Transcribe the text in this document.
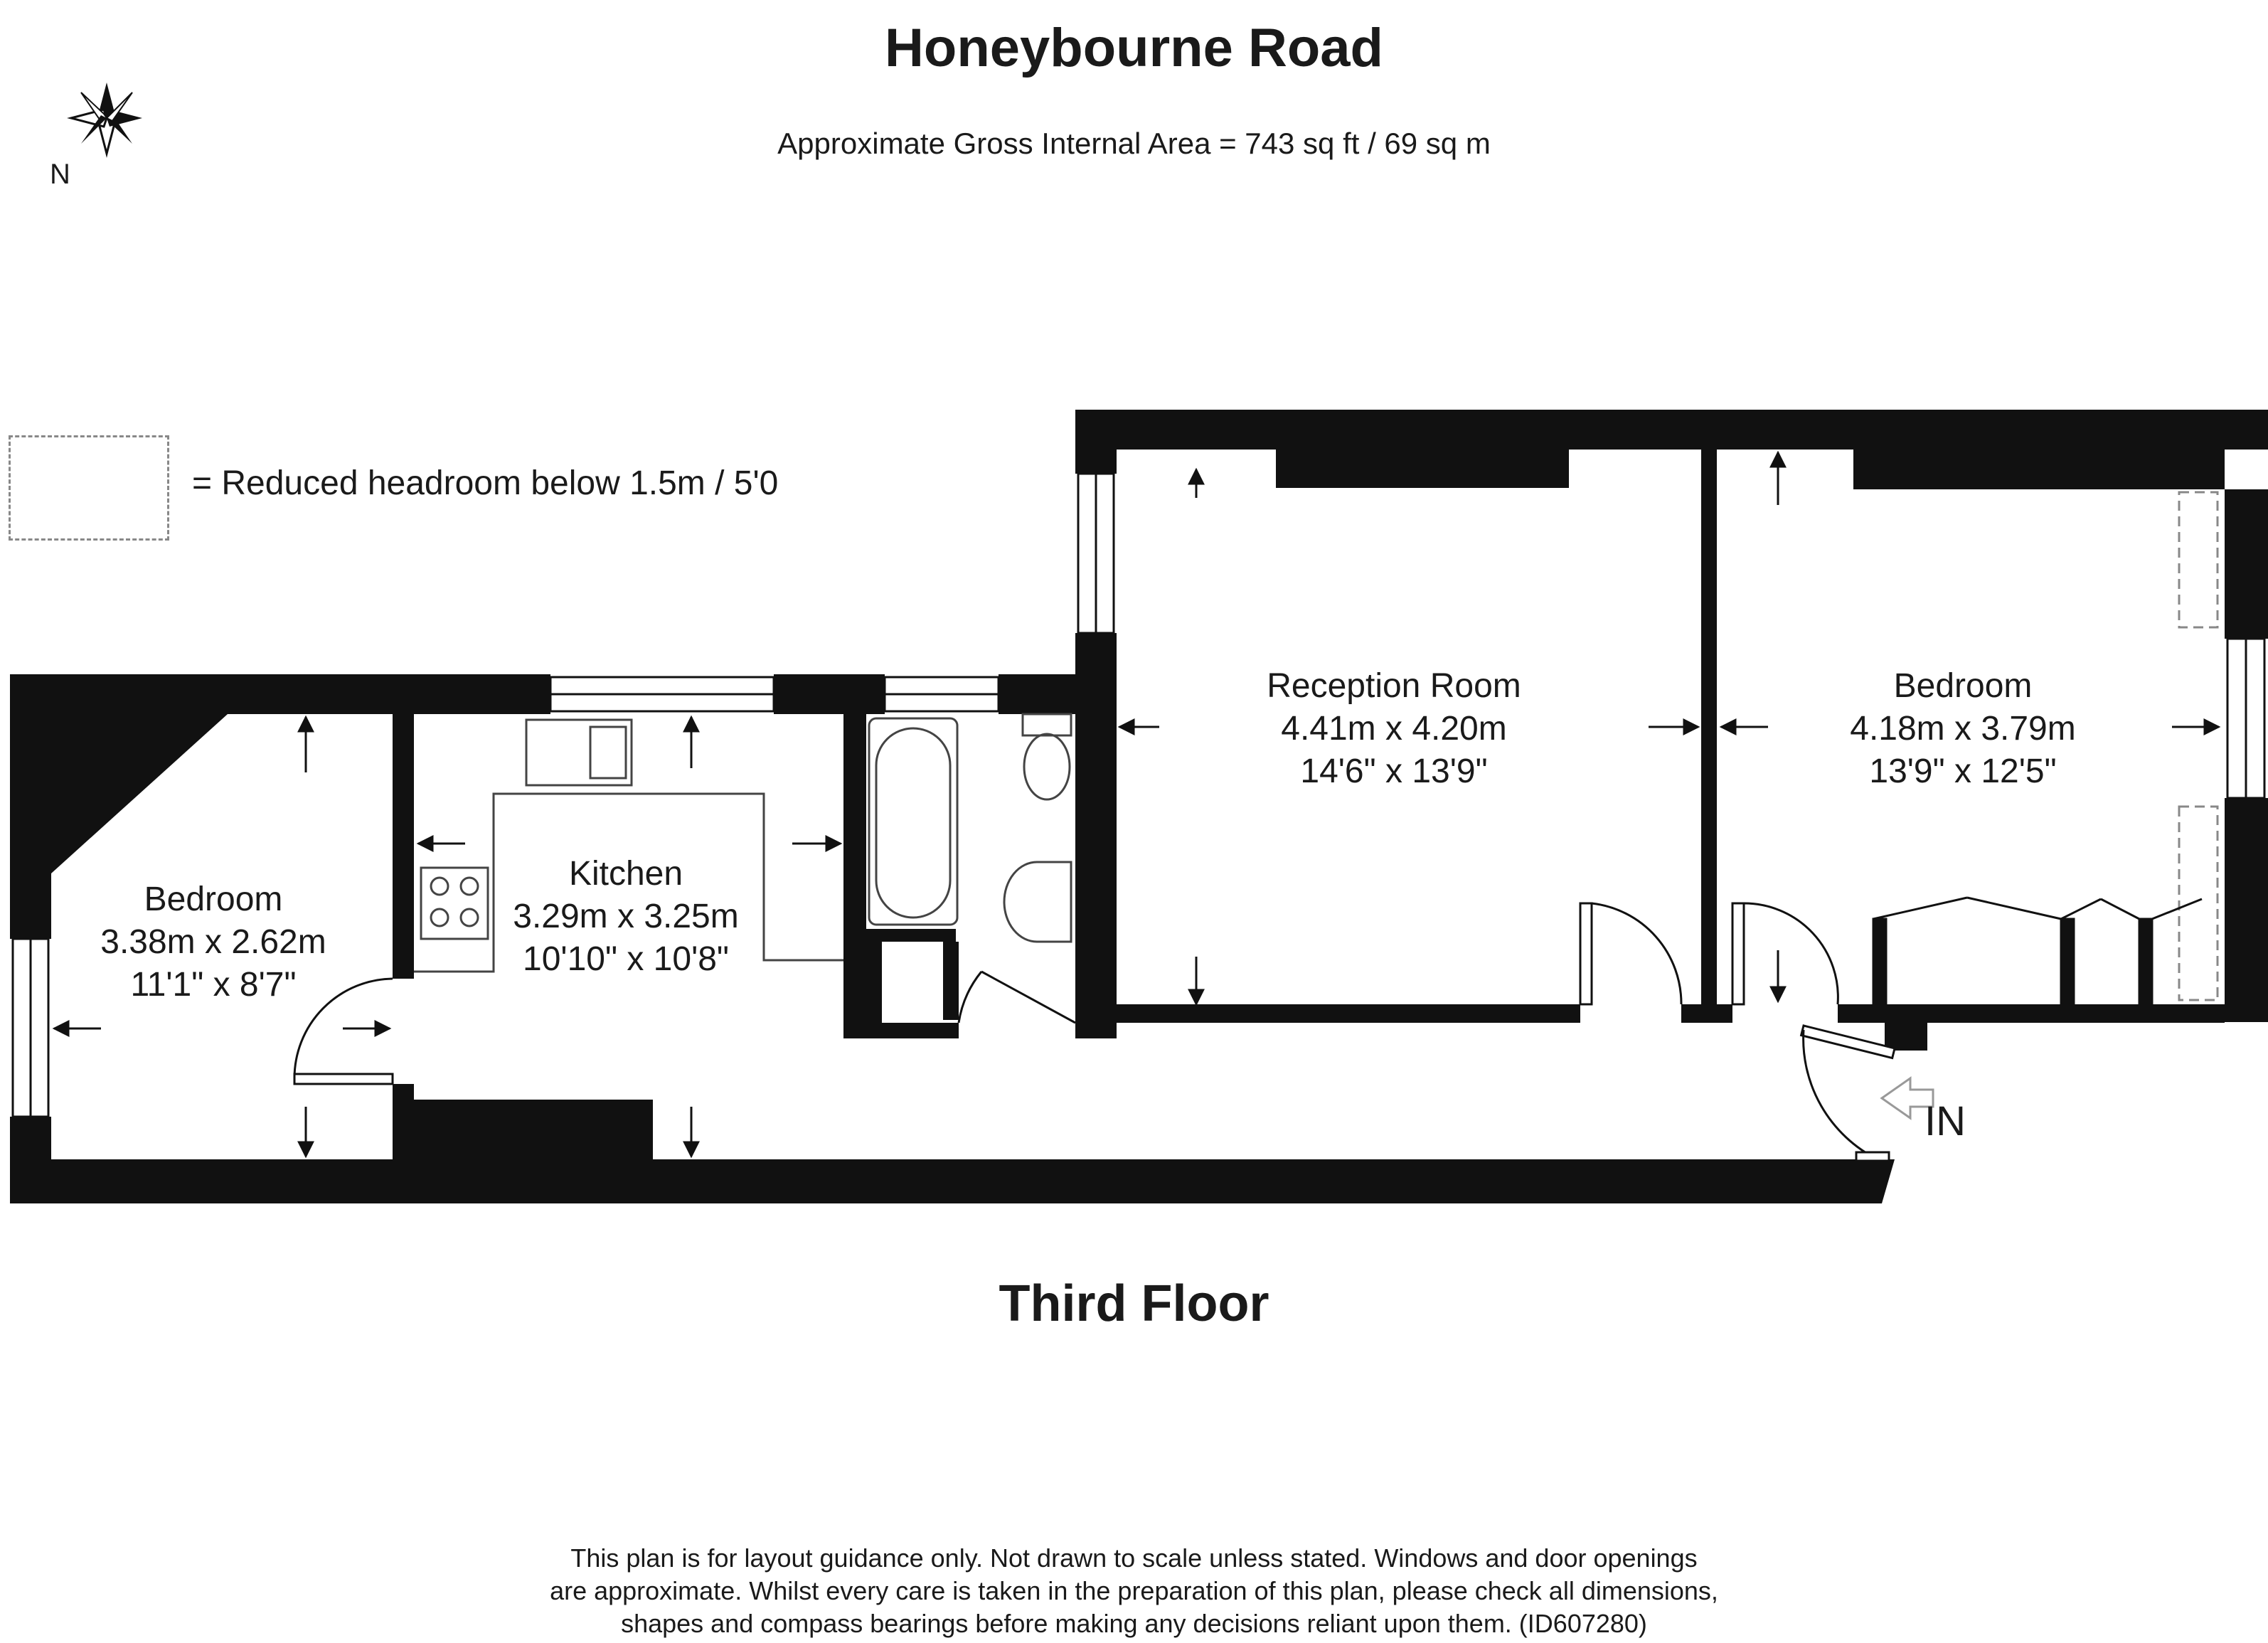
Honeybourne Road
Approximate Gross Internal Area = 743 sq ft / 69 sq m
= Reduced headroom below 1.5m / 5'0
N
Reception Room
4.41m x 4.20m
14'6" x 13'9"
Bedroom
4.18m x 3.79m
13'9" x 12'5"
Kitchen
3.29m x 3.25m
10'10" x 10'8"
Bedroom
3.38m x 2.62m
11'1" x 8'7"
IN
Third Floor
This plan is for layout guidance only. Not drawn to scale unless stated. Windows and door openings
are approximate. Whilst every care is taken in the preparation of this plan, please check all dimensions,
shapes and compass bearings before making any decisions reliant upon them. (ID607280)
